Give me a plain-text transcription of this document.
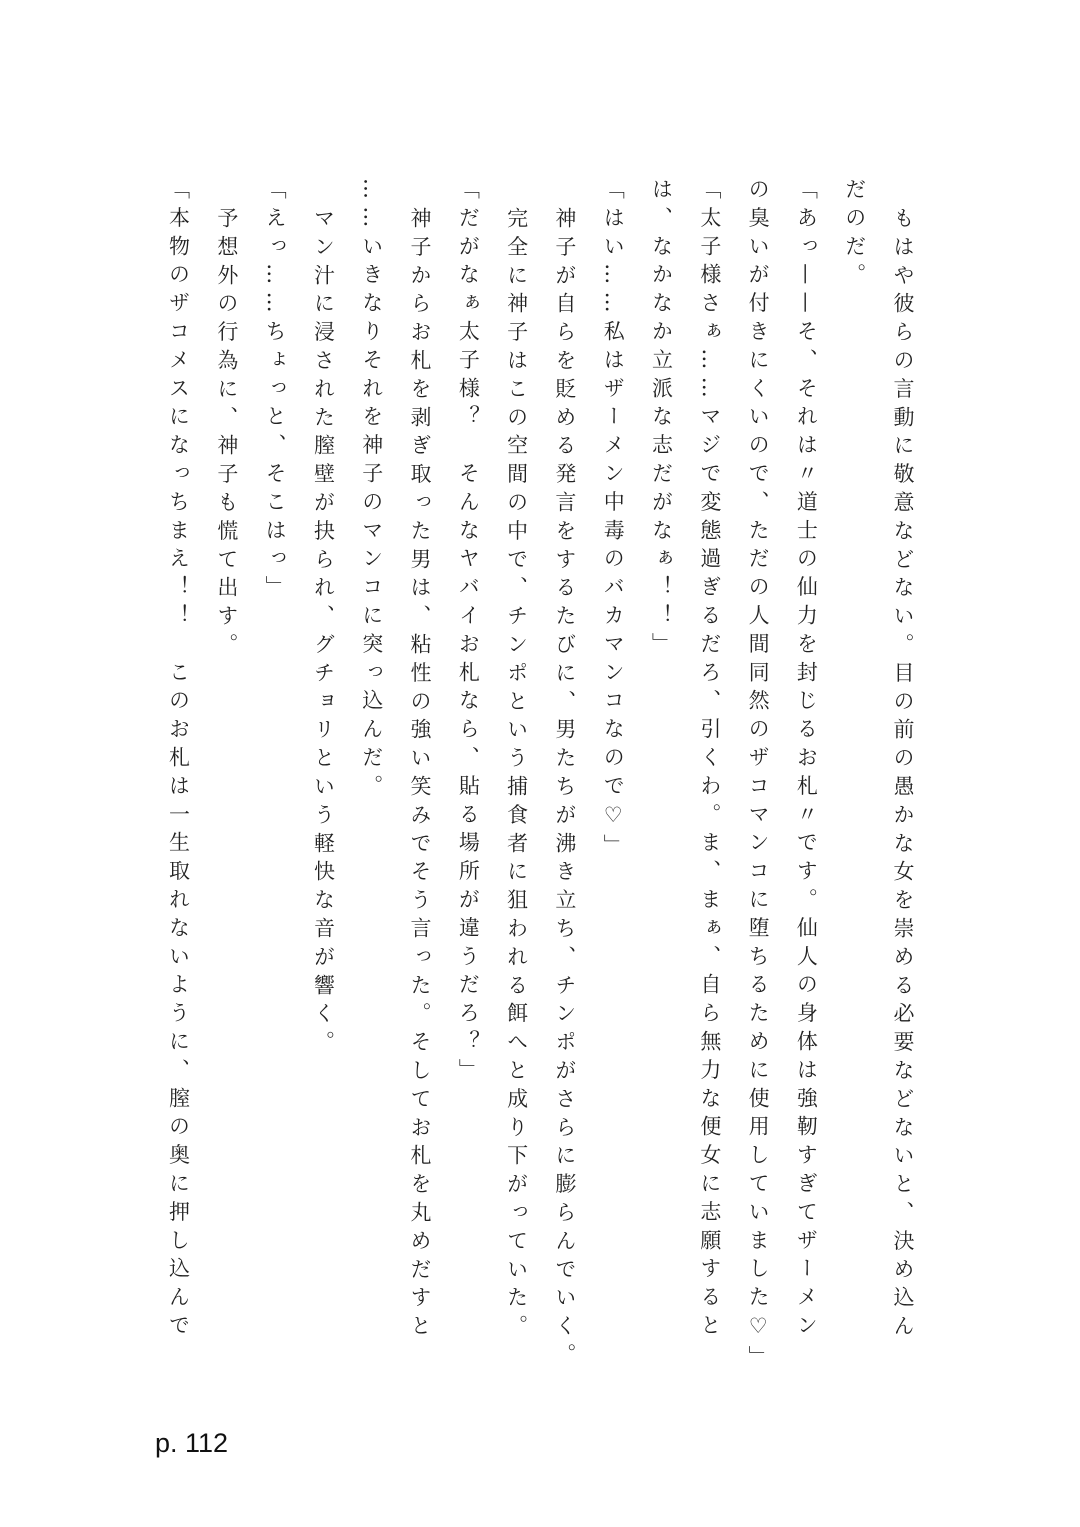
もはや彼らの言動に敬意などない。目の前の愚かな女を崇める必要などないと、決め込ん
だのだ。
「あっ——そ、それは〃道士の仙力を封じるお札〃です。仙人の身体は強靭すぎてザーメン
の臭いが付きにくいので、ただの人間同然のザコマンコに堕ちるために使用していました♡」
「太子様さぁ……マジで変態過ぎるだろ、引くわ。ま、まぁ、自ら無力な便女に志願すると
は、なかなか立派な志だがなぁ！！」
「はい……私はザーメン中毒のバカマンコなので♡」
神子が自らを貶める発言をするたびに、男たちが沸き立ち、チンポがさらに膨らんでいく。
完全に神子はこの空間の中で、チンポという捕食者に狙われる餌へと成り下がっていた。
「だがなぁ太子様？　そんなヤバイお札なら、貼る場所が違うだろ？」
神子からお札を剥ぎ取った男は、粘性の強い笑みでそう言った。そしてお札を丸めだすと
……いきなりそれを神子のマンコに突っ込んだ。
マン汁に浸された膣壁が抉られ、グチョリという軽快な音が響く。
「えっ……ちょっと、そこはっ」
予想外の行為に、神子も慌て出す。
「本物のザコメスになっちまえ！！　このお札は一生取れないように、膣の奥に押し込んで
p. 112
